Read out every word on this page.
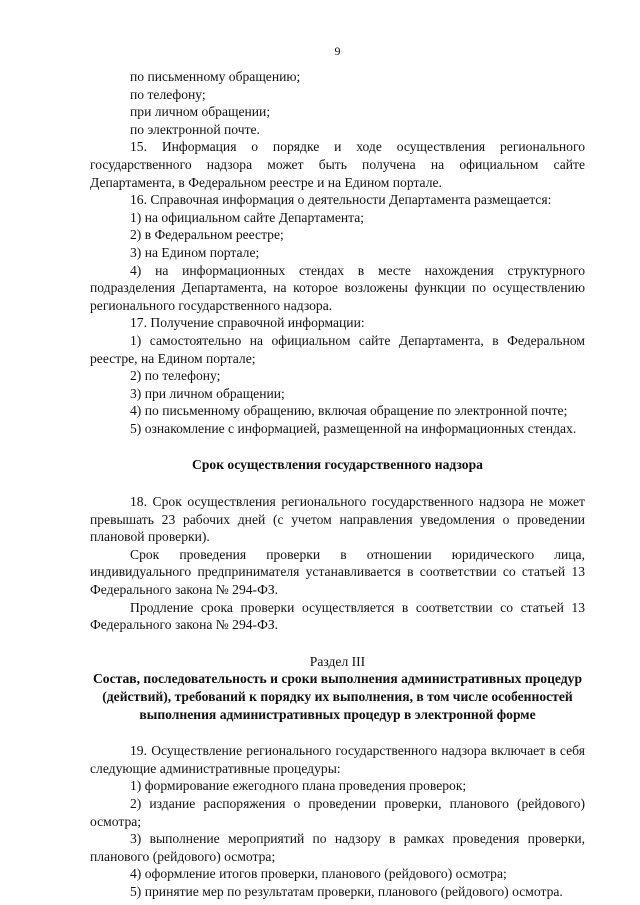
9

по письменному обращению;

по телефону;

при личном обращении;

по электронной почте.

15. Информация о порядке и ходе осуществления регионального государственного надзора может быть получена на официальном сайте Департамента, в Федеральном реестре и на Едином портале.

16. Справочная информация о деятельности Департамента размещается:

1) на официальном сайте Департамента;

2) в Федеральном реестре;

3) на Едином портале;

4) на информационных стендах в месте нахождения структурного подразделения Департамента, на которое возложены функции по осуществлению регионального государственного надзора.

17. Получение справочной информации:

1) самостоятельно на официальном сайте Департамента, в Федеральном реестре, на Едином портале;

2) по телефону;

3) при личном обращении;

4) по письменному обращению, включая обращение по электронной почте;

5) ознакомление с информацией, размещенной на информационных стендах.

Срок осуществления государственного надзора

18. Срок осуществления регионального государственного надзора не может превышать 23 рабочих дней (с учетом направления уведомления о проведении плановой проверки).

Срок проведения проверки в отношении юридического лица, индивидуального предпринимателя устанавливается в соответствии со статьей 13 Федерального закона № 294-ФЗ.

Продление срока проверки осуществляется в соответствии со статьей 13 Федерального закона № 294-ФЗ.

Раздел III

Состав, последовательность и сроки выполнения административных процедур (действий), требований к порядку их выполнения, в том числе особенностей выполнения административных процедур в электронной форме

19. Осуществление регионального государственного надзора включает в себя следующие административные процедуры:

1) формирование ежегодного плана проведения проверок;

2) издание распоряжения о проведении проверки, планового (рейдового) осмотра;

3) выполнение мероприятий по надзору в рамках проведения проверки, планового (рейдового) осмотра;

4) оформление итогов проверки, планового (рейдового) осмотра;

5) принятие мер по результатам проверки, планового (рейдового) осмотра.
